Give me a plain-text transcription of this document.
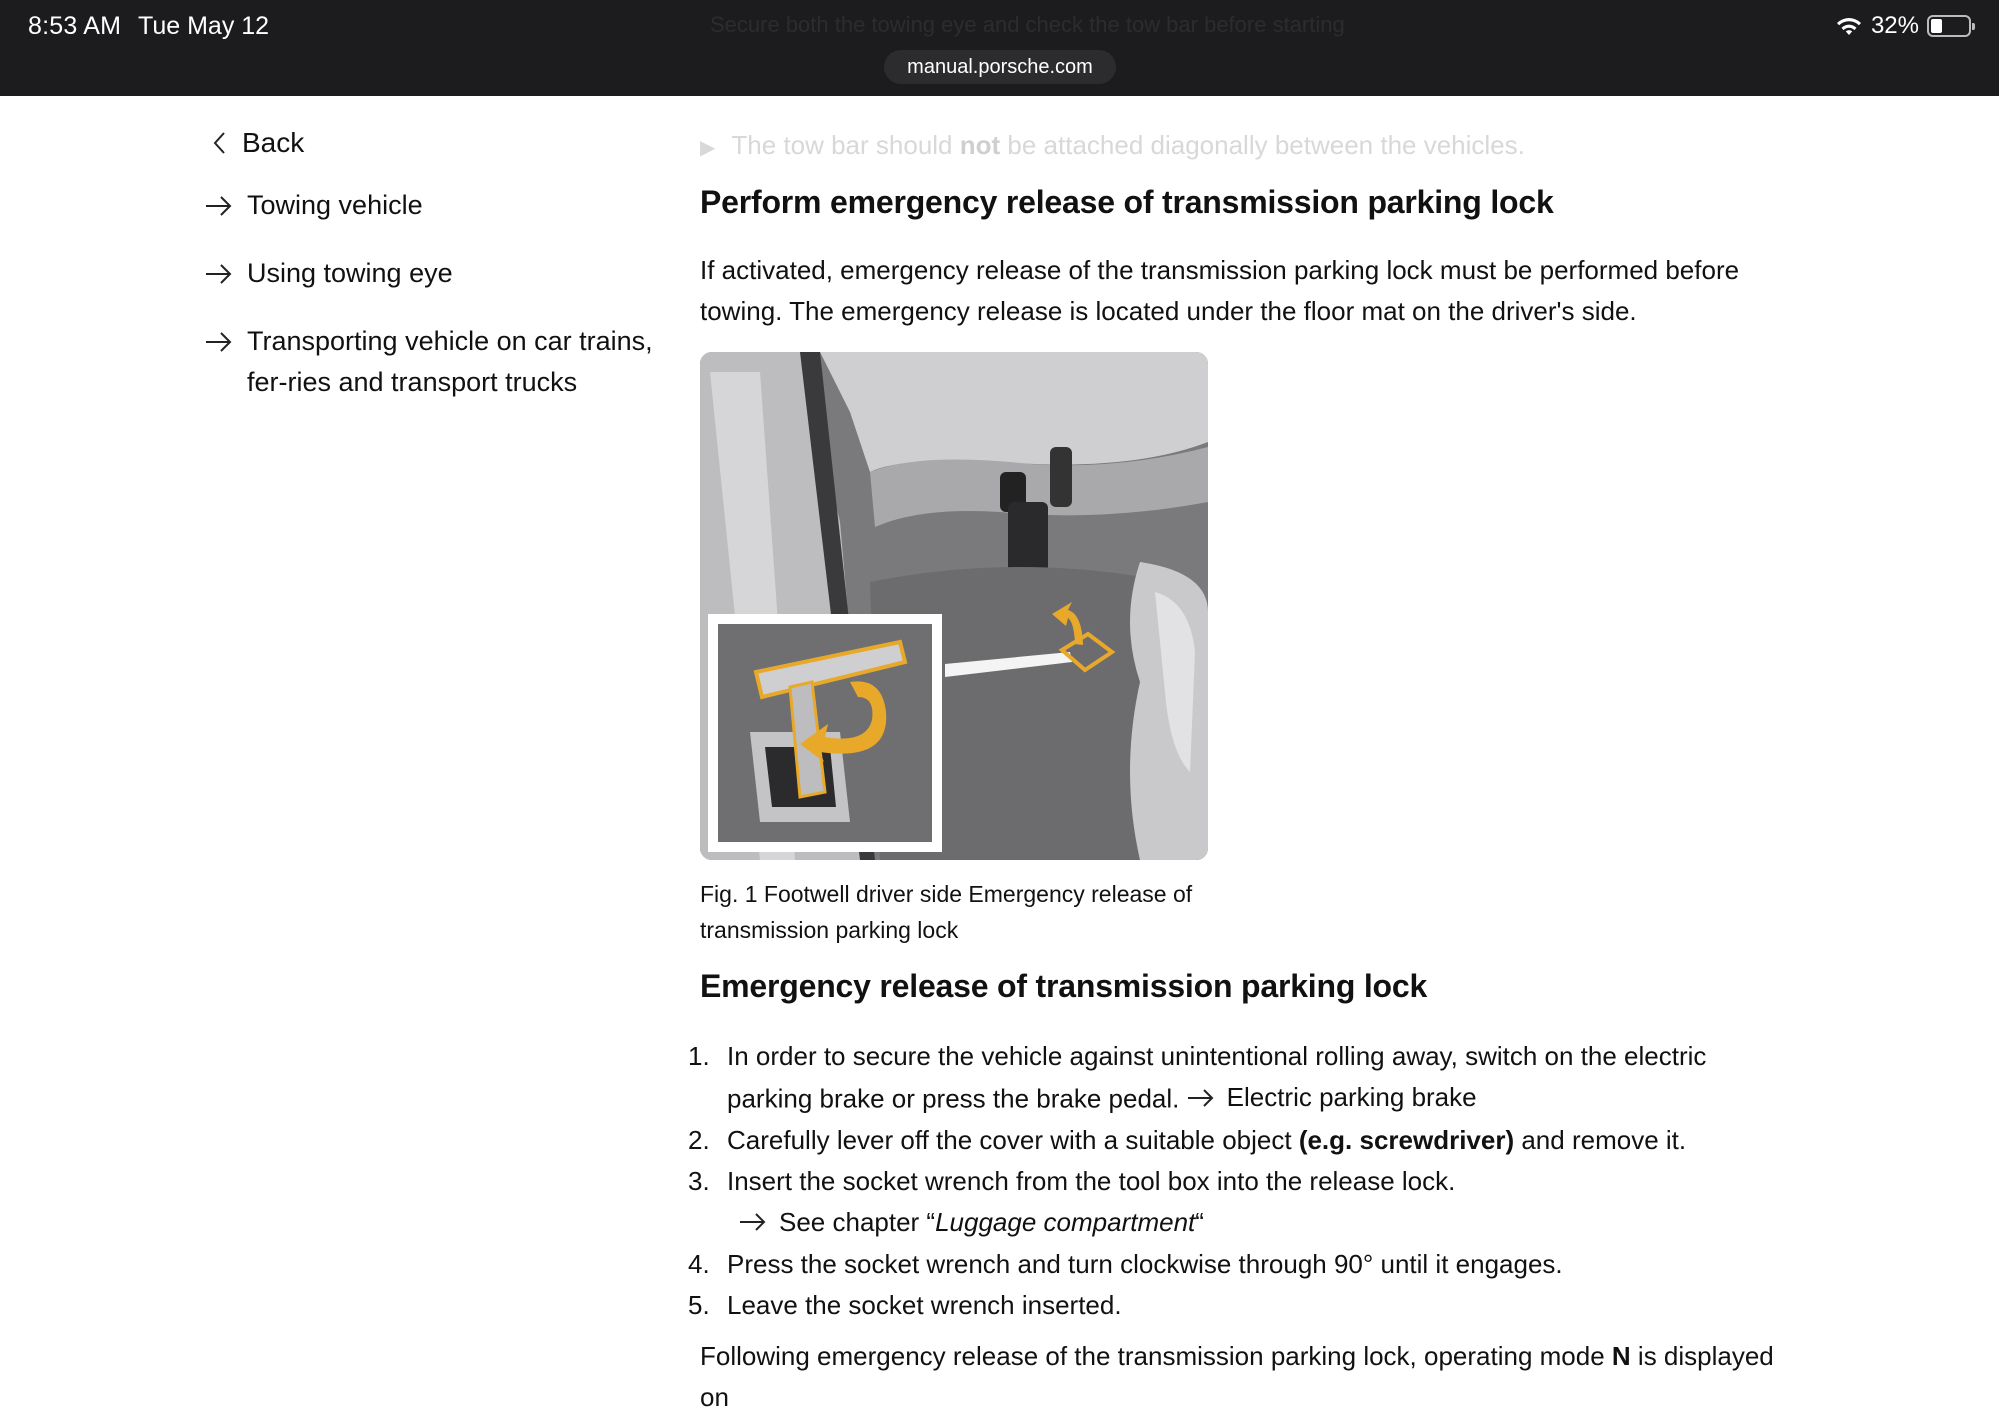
Secure both the towing eye and check the tow bar before starting
8:53 AM Tue May 12
manual.porsche.com
32%
▶ The tow bar should not be attached diagonally between the vehicles.
Back
Towing vehicle
Using towing eye
Transporting vehicle on car trains, fer-ries and transport trucks
Perform emergency release of transmission parking lock
If activated, emergency release of the transmission parking lock must be performed before towing. The emergency release is located under the floor mat on the driver's side.
Fig. 1 Footwell driver side Emergency release of transmission parking lock
Emergency release of transmission parking lock
1. In order to secure the vehicle against unintentional rolling away, switch on the electric parking brake or press the brake pedal. Electric parking brake
2. Carefully lever off the cover with a suitable object (e.g. screwdriver) and remove it.
3. Insert the socket wrench from the tool box into the release lock.

See chapter “Luggage compartment“
4. Press the socket wrench and turn clockwise through 90° until it engages.
5. Leave the socket wrench inserted.
Following emergency release of the transmission parking lock, operating mode N is displayed on
